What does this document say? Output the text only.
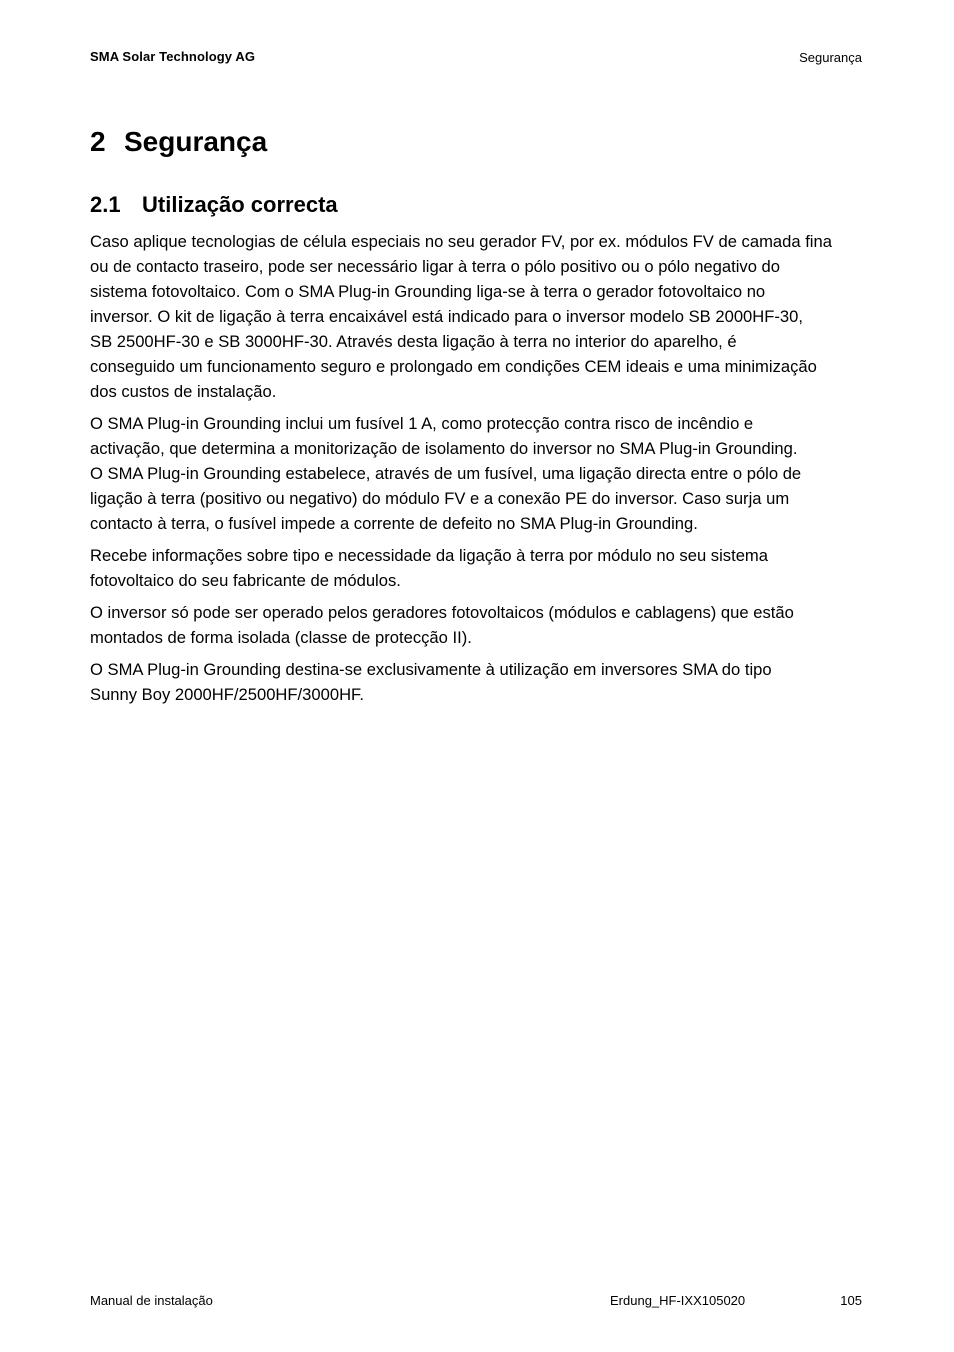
SMA Solar Technology AG	Segurança
2 Segurança
2.1 Utilização correcta

Caso aplique tecnologias de célula especiais no seu gerador FV, por ex. módulos FV de camada fina
ou de contacto traseiro, pode ser necessário ligar à terra o pólo positivo ou o pólo negativo do
sistema fotovoltaico. Com o SMA Plug-in Grounding liga-se à terra o gerador fotovoltaico no
inversor. O kit de ligação à terra encaixável está indicado para o inversor modelo SB 2000HF-30,
SB 2500HF-30 e SB 3000HF-30. Através desta ligação à terra no interior do aparelho, é
conseguido um funcionamento seguro e prolongado em condições CEM ideais e uma minimização
dos custos de instalação.

O SMA Plug-in Grounding inclui um fusível 1 A, como protecção contra risco de incêndio e
activação, que determina a monitorização de isolamento do inversor no SMA Plug-in Grounding.
O SMA Plug-in Grounding estabelece, através de um fusível, uma ligação directa entre o pólo de
ligação à terra (positivo ou negativo) do módulo FV e a conexão PE do inversor. Caso surja um
contacto à terra, o fusível impede a corrente de defeito no SMA Plug-in Grounding.

Recebe informações sobre tipo e necessidade da ligação à terra por módulo no seu sistema
fotovoltaico do seu fabricante de módulos.

O inversor só pode ser operado pelos geradores fotovoltaicos (módulos e cablagens) que estão
montados de forma isolada (classe de protecção II).

O SMA Plug-in Grounding destina-se exclusivamente à utilização em inversores SMA do tipo
Sunny Boy 2000HF/2500HF/3000HF.

Manual de instalação	Erdung_HF-IXX105020	105
